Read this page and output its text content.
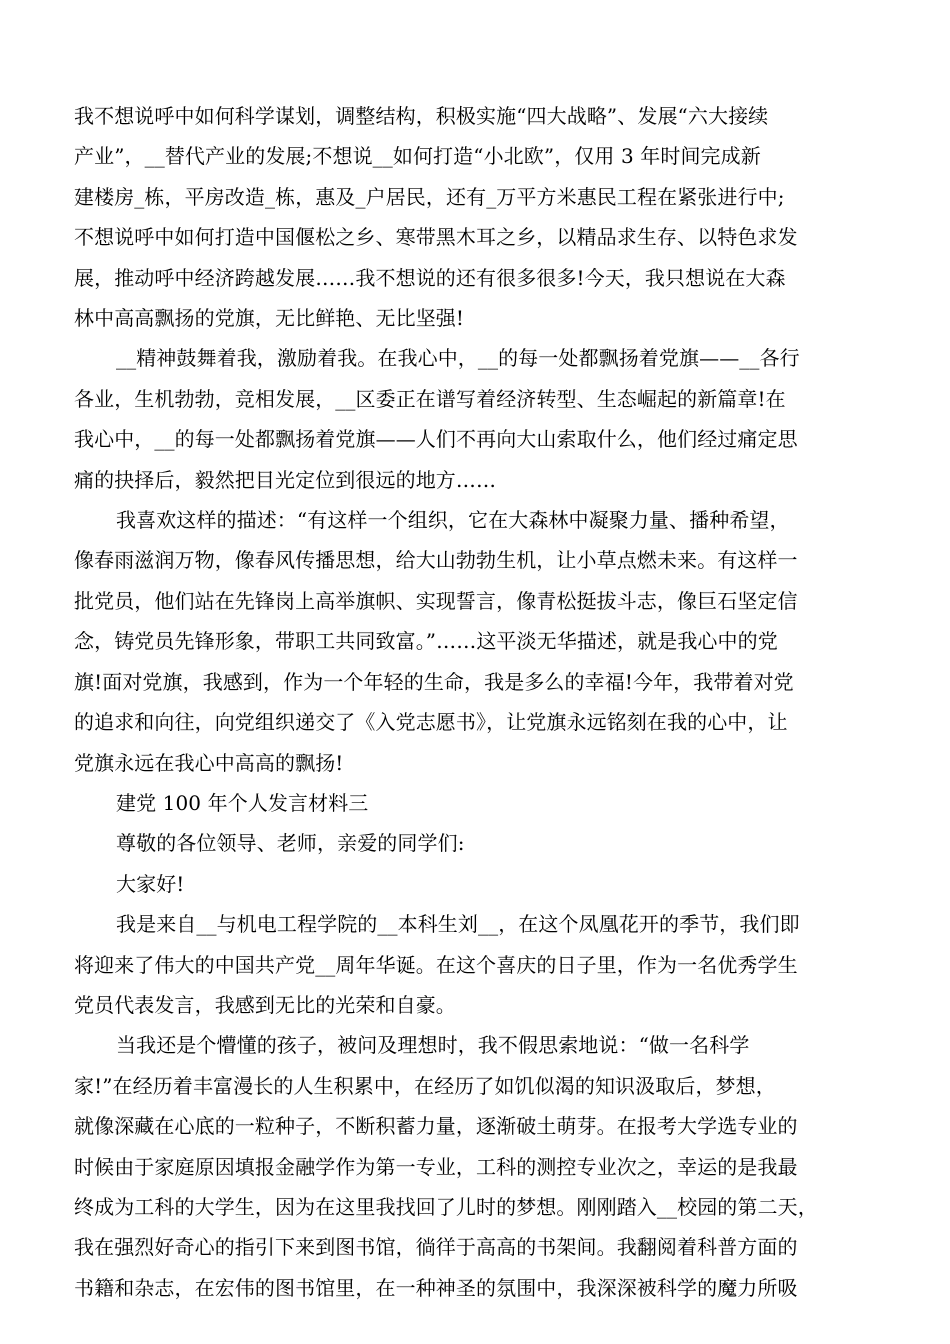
我不想说呼中如何科学谋划，调整结构，积极实施“四大战略”、发展“六大接续
产业”，__替代产业的发展;不想说__如何打造“小北欧”，仅用 3 年时间完成新
建楼房_栋，平房改造_栋，惠及_户居民，还有_万平方米惠民工程在紧张进行中;
不想说呼中如何打造中国偃松之乡、寒带黑木耳之乡，以精品求生存、以特色求发
展，推动呼中经济跨越发展……我不想说的还有很多很多!今天，我只想说在大森
林中高高飘扬的党旗，无比鲜艳、无比坚强!
__精神鼓舞着我，激励着我。在我心中，__的每一处都飘扬着党旗——__各行
各业，生机勃勃，竞相发展，__区委正在谱写着经济转型、生态崛起的新篇章!在
我心中，__的每一处都飘扬着党旗——人们不再向大山索取什么，他们经过痛定思
痛的抉择后，毅然把目光定位到很远的地方……
我喜欢这样的描述：“有这样一个组织，它在大森林中凝聚力量、播种希望，
像春雨滋润万物，像春风传播思想，给大山勃勃生机，让小草点燃未来。有这样一
批党员，他们站在先锋岗上高举旗帜、实现誓言，像青松挺拔斗志，像巨石坚定信
念，铸党员先锋形象，带职工共同致富。”……这平淡无华描述，就是我心中的党
旗!面对党旗，我感到，作为一个年轻的生命，我是多么的幸福!今年，我带着对党
的追求和向往，向党组织递交了《入党志愿书》，让党旗永远铭刻在我的心中，让
党旗永远在我心中高高的飘扬!
建党 100 年个人发言材料三
尊敬的各位领导、老师，亲爱的同学们:
大家好!
我是来自__与机电工程学院的__本科生刘__，在这个凤凰花开的季节，我们即
将迎来了伟大的中国共产党__周年华诞。在这个喜庆的日子里，作为一名优秀学生
党员代表发言，我感到无比的光荣和自豪。
当我还是个懵懂的孩子，被问及理想时，我不假思索地说：“做一名科学
家!”在经历着丰富漫长的人生积累中，在经历了如饥似渴的知识汲取后，梦想，
就像深藏在心底的一粒种子，不断积蓄力量，逐渐破土萌芽。在报考大学选专业的
时候由于家庭原因填报金融学作为第一专业，工科的测控专业次之，幸运的是我最
终成为工科的大学生，因为在这里我找回了儿时的梦想。刚刚踏入__校园的第二天，
我在强烈好奇心的指引下来到图书馆，徜徉于高高的书架间。我翻阅着科普方面的
书籍和杂志，在宏伟的图书馆里，在一种神圣的氛围中，我深深被科学的魔力所吸
